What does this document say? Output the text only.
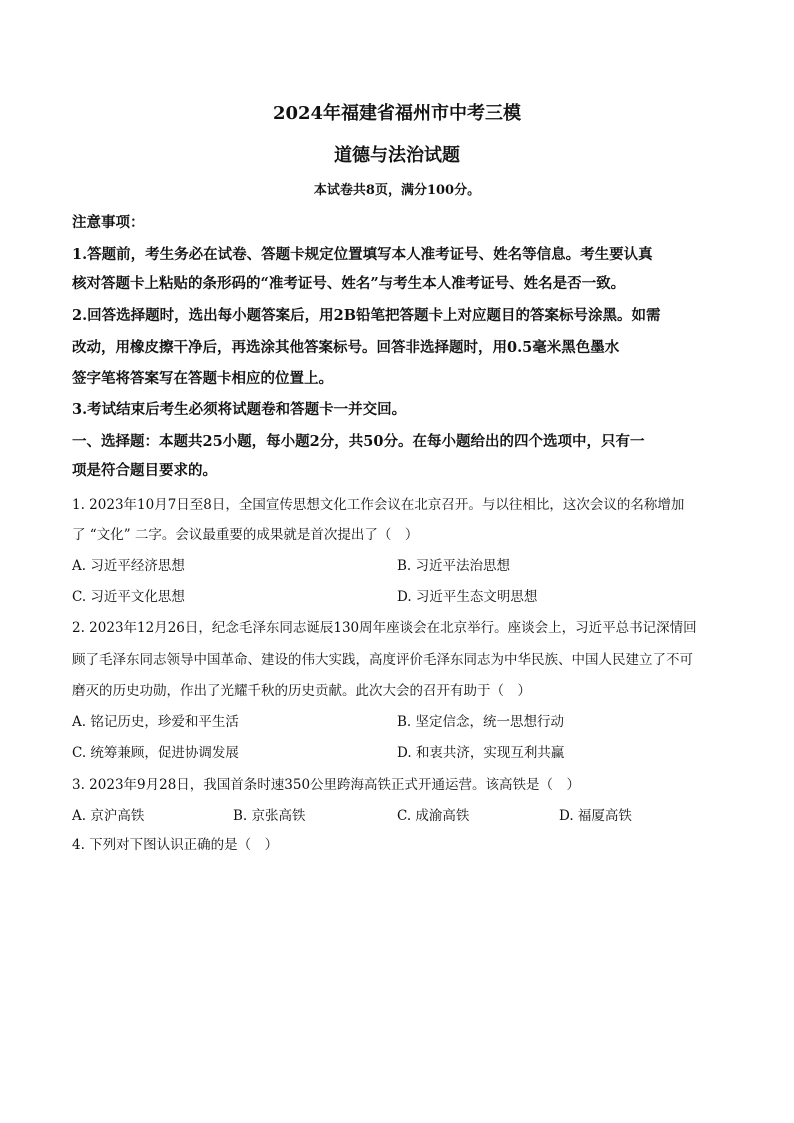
2024年福建省福州市中考三模
道德与法治试题
本试卷共8页，满分100分。
注意事项：
1.答题前，考生务必在试卷、答题卡规定位置填写本人准考证号、姓名等信息。考生要认真
核对答题卡上粘贴的条形码的“准考证号、姓名”与考生本人准考证号、姓名是否一致。
2.回答选择题时，选出每小题答案后，用2B铅笔把答题卡上对应题目的答案标号涂黑。如需
改动，用橡皮擦干净后，再选涂其他答案标号。回答非选择题时，用0.5毫米黑色墨水
签字笔将答案写在答题卡相应的位置上。
3.考试结束后考生必须将试题卷和答题卡一并交回。
一、选择题：本题共25小题，每小题2分，共50分。在每小题给出的四个选项中，只有一
项是符合题目要求的。
1. 2023年10月7日至8日，全国宣传思想文化工作会议在北京召开。与以往相比，这次会议的名称增加
了 “文化” 二字。会议最重要的成果就是首次提出了（　）
A. 习近平经济思想	B. 习近平法治思想
C. 习近平文化思想	D. 习近平生态文明思想
2. 2023年12月26日，纪念毛泽东同志诞辰130周年座谈会在北京举行。座谈会上，习近平总书记深情回
顾了毛泽东同志领导中国革命、建设的伟大实践，高度评价毛泽东同志为中华民族、中国人民建立了不可
磨灭的历史功勋，作出了光耀千秋的历史贡献。此次大会的召开有助于（　）
A. 铭记历史，珍爱和平生活	B. 坚定信念，统一思想行动
C. 统筹兼顾，促进协调发展	D. 和衷共济，实现互利共赢
3. 2023年9月28日，我国首条时速350公里跨海高铁正式开通运营。该高铁是（　）
A. 京沪高铁	B. 京张高铁	C. 成渝高铁	D. 福厦高铁
4. 下列对下图认识正确的是（　）
